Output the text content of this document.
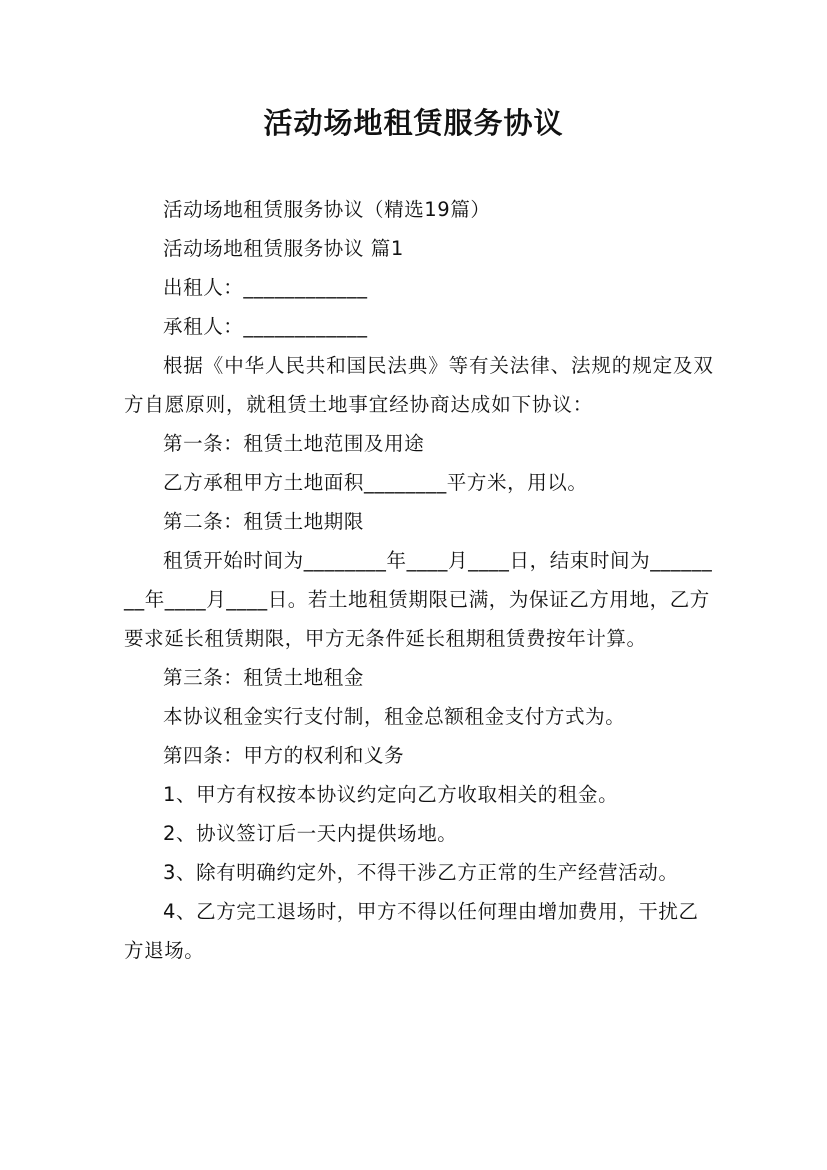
活动场地租赁服务协议

活动场地租赁服务协议（精选19篇）

活动场地租赁服务协议 篇1

出租人：____________

承租人：____________

根据《中华人民共和国民法典》等有关法律、法规的规定及双方自愿原则，就租赁土地事宜经协商达成如下协议：

第一条：租赁土地范围及用途

乙方承租甲方土地面积________平方米，用以。

第二条：租赁土地期限

租赁开始时间为________年____月____日，结束时间为________年____月____日。若土地租赁期限已满，为保证乙方用地，乙方要求延长租赁期限，甲方无条件延长租期租赁费按年计算。

第三条：租赁土地租金

本协议租金实行支付制，租金总额租金支付方式为。

第四条：甲方的权利和义务

1、甲方有权按本协议约定向乙方收取相关的租金。

2、协议签订后一天内提供场地。

3、除有明确约定外，不得干涉乙方正常的生产经营活动。

4、乙方完工退场时，甲方不得以任何理由增加费用，干扰乙方退场。
